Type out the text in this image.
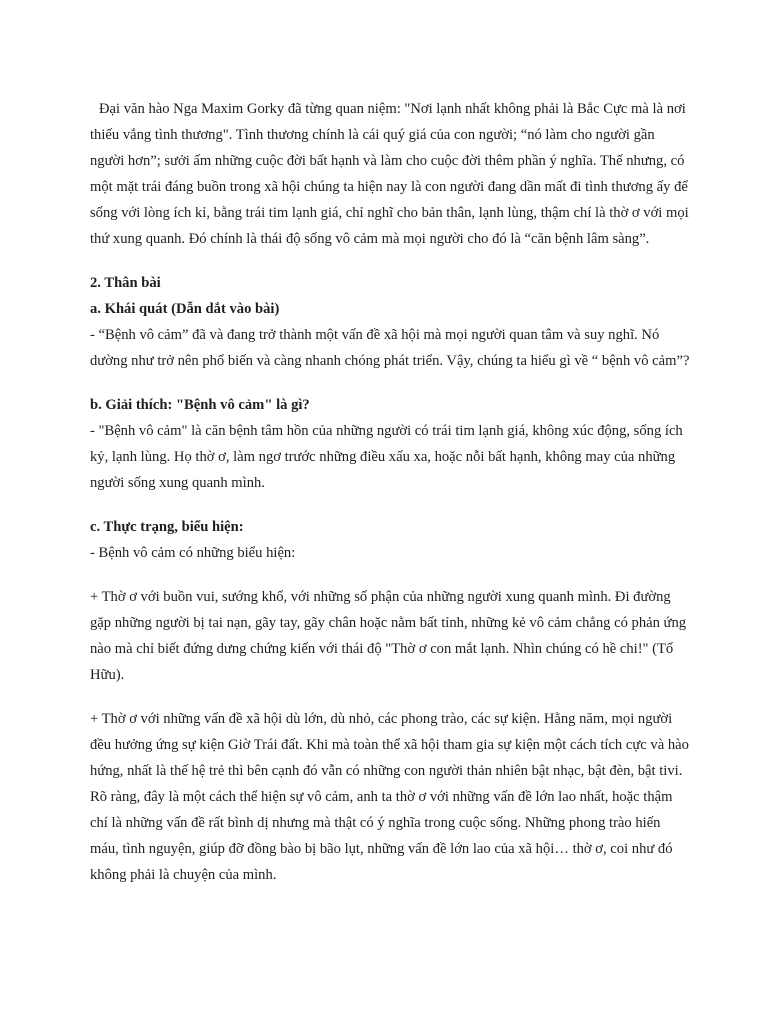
Đại văn hào Nga Maxim Gorky đã từng quan niệm: "Nơi lạnh nhất không phải là Bắc Cực mà là nơi thiếu vắng tình thương". Tình thương chính là cái quý giá của con người; “nó làm cho người gần người hơn”; sưởi ấm những cuộc đời bất hạnh và làm cho cuộc đời thêm phần ý nghĩa. Thế nhưng, có một mặt trái đáng buồn trong xã hội chúng ta hiện nay là con người đang dần mất đi tình thương ấy để sống với lòng ích kỉ, bằng trái tim lạnh giá, chỉ nghĩ cho bản thân, lạnh lùng, thậm chí là thờ ơ với mọi thứ xung quanh. Đó chính là thái độ sống vô cảm mà mọi người cho đó là “căn bệnh lâm sàng”.

2. Thân bài

a. Khái quát (Dẫn dắt vào bài)

- “Bệnh vô cảm” đã và đang trở thành một vấn đề xã hội mà mọi người quan tâm và suy nghĩ. Nó dường như trở nên phổ biến và càng nhanh chóng phát triển. Vậy, chúng ta hiểu gì về “ bệnh vô cảm”?

b. Giải thích: "Bệnh vô cảm" là gì?

- "Bệnh vô cảm" là căn bệnh tâm hồn của những người có trái tim lạnh giá, không xúc động, sống ích kỷ, lạnh lùng. Họ thờ ơ, làm ngơ trước những điều xấu xa, hoặc nỗi bất hạnh, không may của những người sống xung quanh mình.

c. Thực trạng, biểu hiện:

- Bệnh vô cảm có những biểu hiện:

+ Thờ ơ với buồn vui, sướng khổ, với những số phận của những người xung quanh mình. Đi đường gặp những người bị tai nạn, gãy tay, gãy chân hoặc nằm bất tỉnh, những kẻ vô cảm chẳng có phản ứng nào mà chỉ biết đứng dưng chứng kiến với thái độ "Thờ ơ con mắt lạnh. Nhìn chúng có hề chi!" (Tố Hữu).

+ Thờ ơ với những vấn đề xã hội dù lớn, dù nhỏ, các phong trào, các sự kiện. Hằng năm, mọi người đều hưởng ứng sự kiện Giờ Trái đất. Khi mà toàn thể xã hội tham gia sự kiện một cách tích cực và hào hứng, nhất là thế hệ trẻ thì bên cạnh đó vẫn có những con người thản nhiên bật nhạc, bật đèn, bật tivi. Rõ ràng, đây là một cách thể hiện sự vô cảm, anh ta thờ ơ với những vấn đề lớn lao nhất, hoặc thậm chí là những vấn đề rất bình dị nhưng mà thật có ý nghĩa trong cuộc sống. Những phong trào hiến máu, tình nguyện, giúp đỡ đồng bào bị bão lụt, những vấn đề lớn lao của xã hội… thờ ơ, coi như đó không phải là chuyện của mình.
